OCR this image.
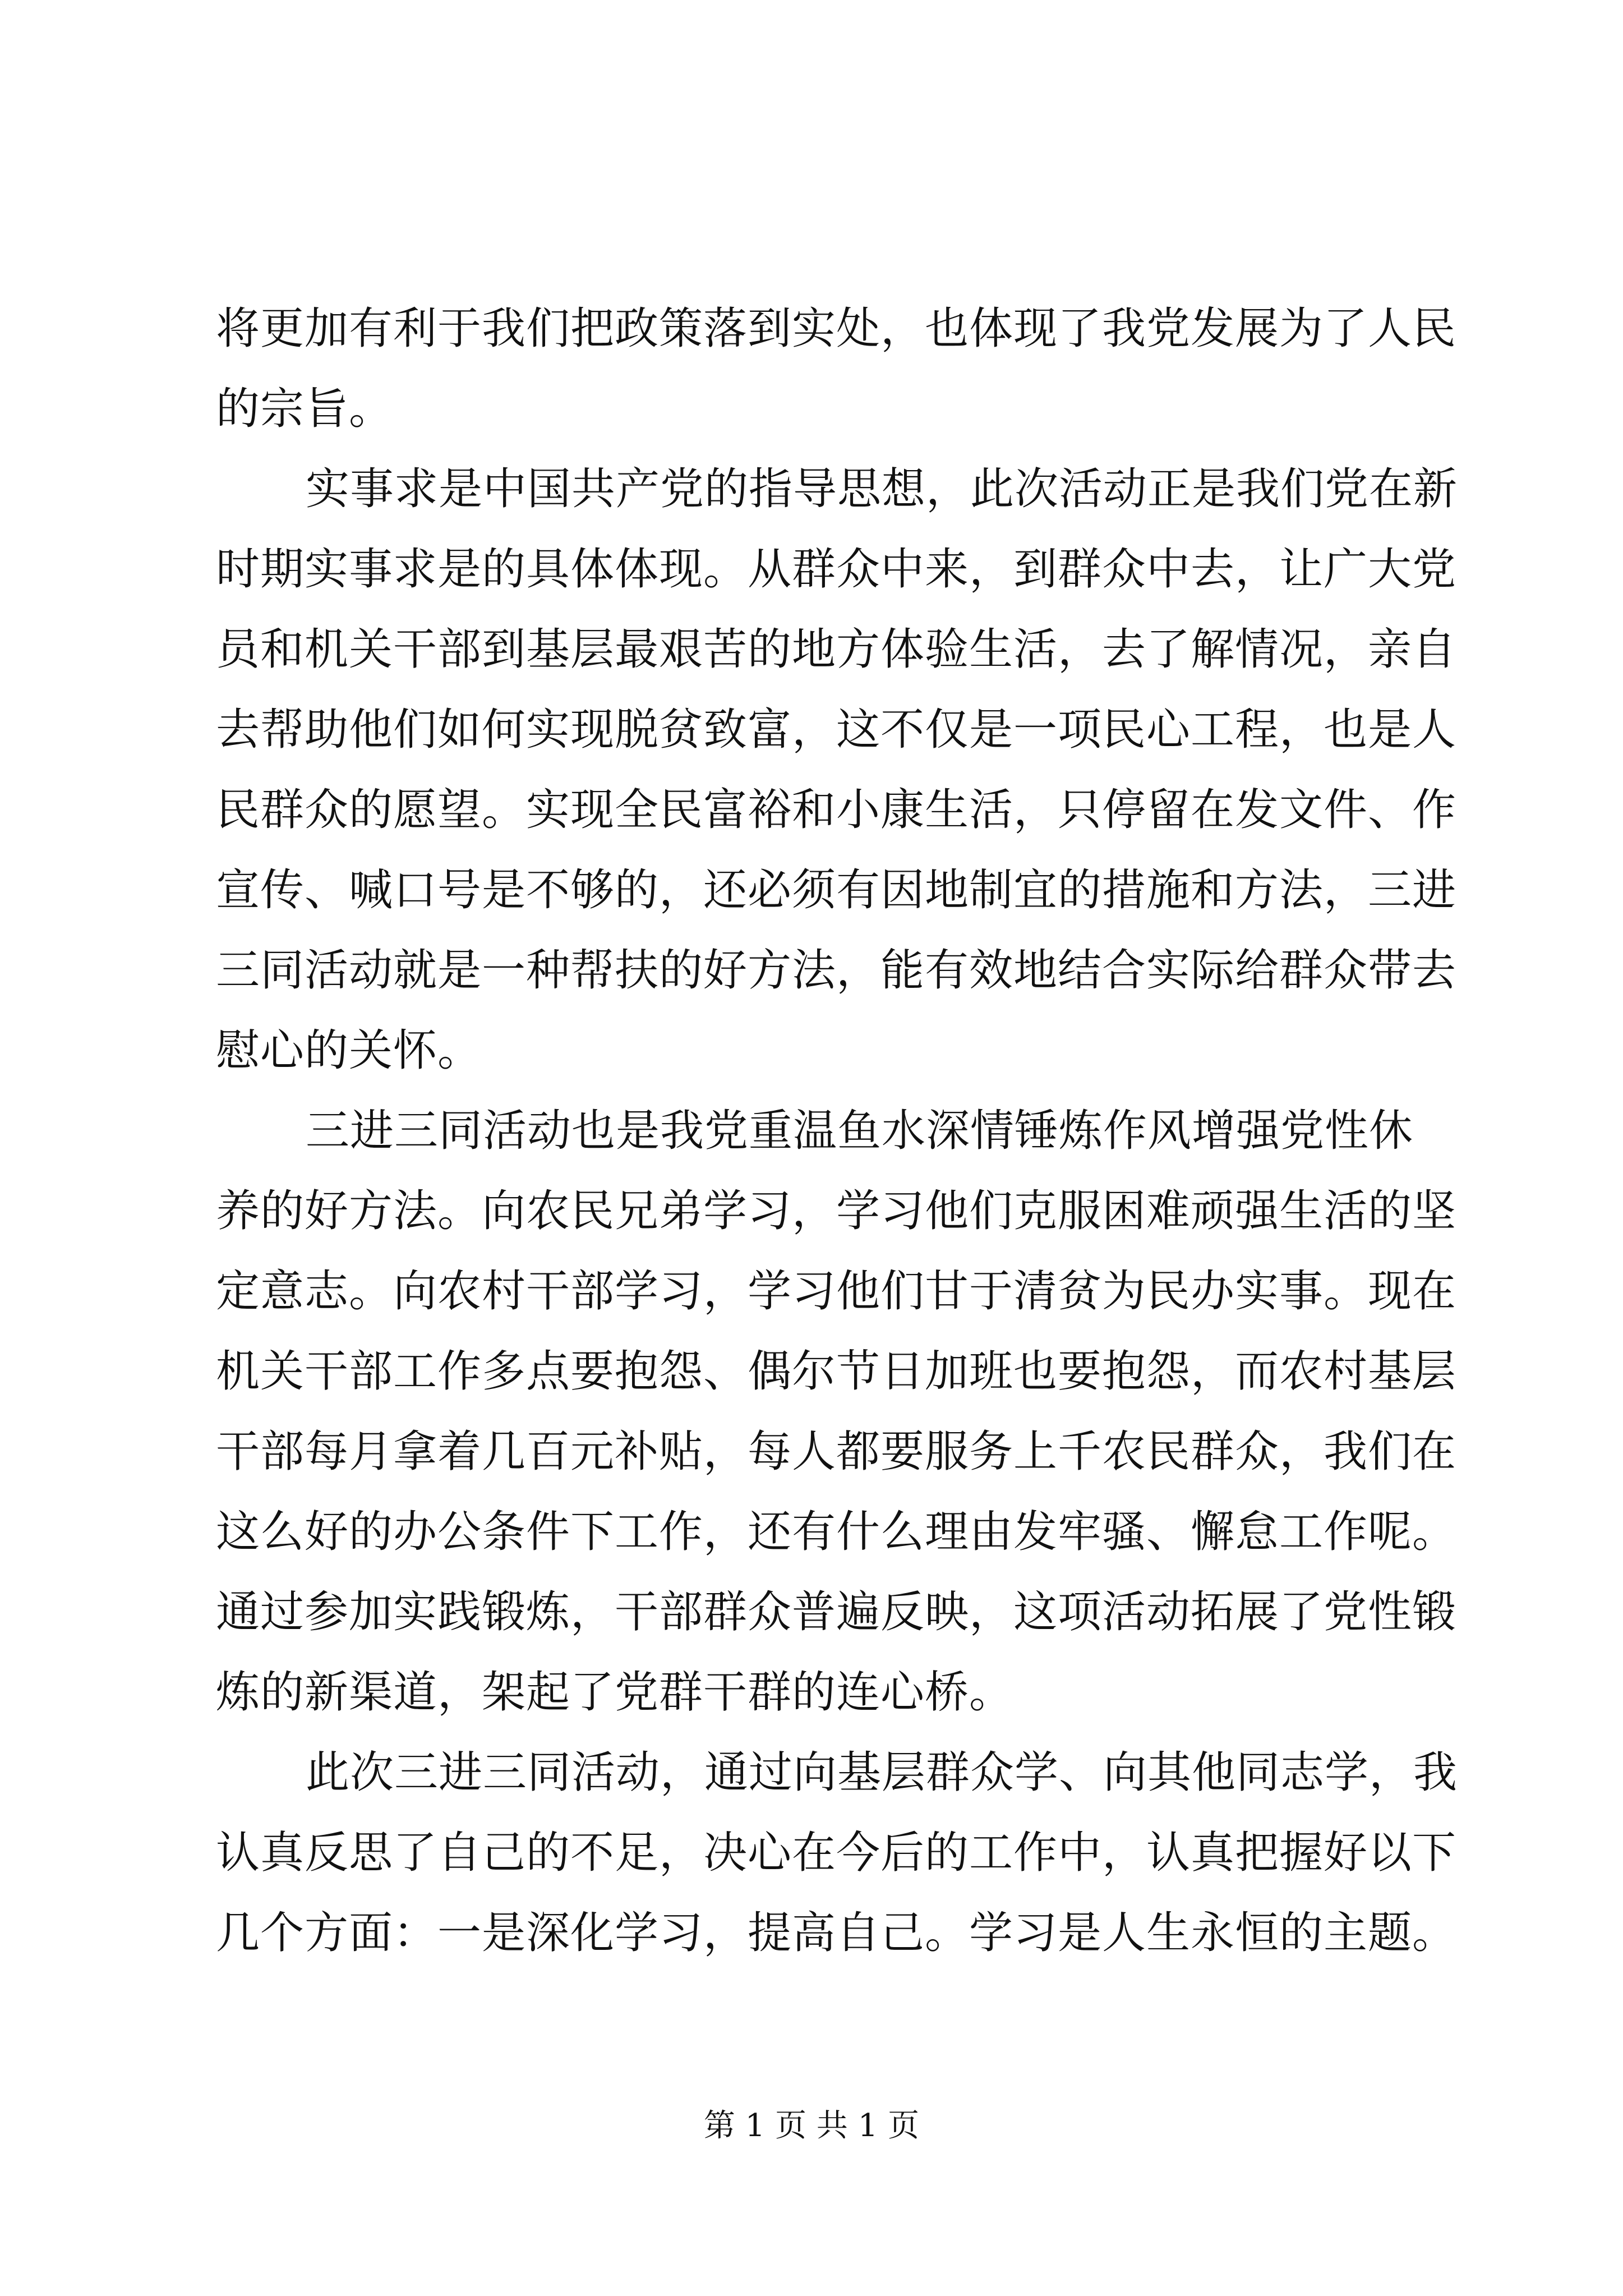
将更加有利于我们把政策落到实处，也体现了我党发展为了人民
的宗旨。
实事求是中国共产党的指导思想，此次活动正是我们党在新
时期实事求是的具体体现。从群众中来，到群众中去，让广大党
员和机关干部到基层最艰苦的地方体验生活，去了解情况，亲自
去帮助他们如何实现脱贫致富，这不仅是一项民心工程，也是人
民群众的愿望。实现全民富裕和小康生活，只停留在发文件、作
宣传、喊口号是不够的，还必须有因地制宜的措施和方法，三进
三同活动就是一种帮扶的好方法，能有效地结合实际给群众带去
慰心的关怀。
三进三同活动也是我党重温鱼水深情锤炼作风增强党性休
养的好方法。向农民兄弟学习，学习他们克服困难顽强生活的坚
定意志。向农村干部学习，学习他们甘于清贫为民办实事。现在
机关干部工作多点要抱怨、偶尔节日加班也要抱怨，而农村基层
干部每月拿着几百元补贴，每人都要服务上千农民群众，我们在
这么好的办公条件下工作，还有什么理由发牢骚、懈怠工作呢。
通过参加实践锻炼，干部群众普遍反映，这项活动拓展了党性锻
炼的新渠道，架起了党群干群的连心桥。
此次三进三同活动，通过向基层群众学、向其他同志学，我
认真反思了自己的不足，决心在今后的工作中，认真把握好以下
几个方面：一是深化学习，提高自己。学习是人生永恒的主题。
第 1 页 共 1 页
